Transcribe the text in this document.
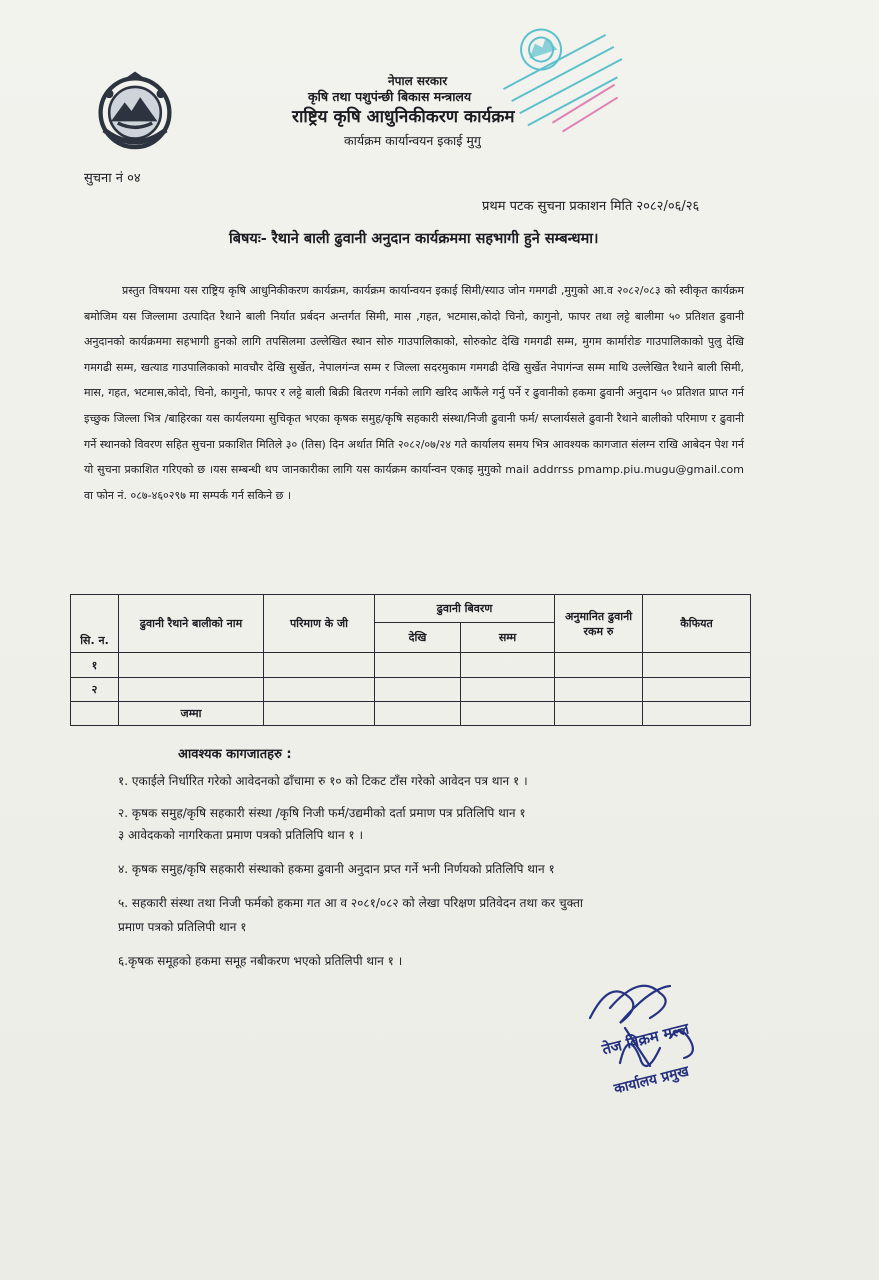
नेपाल सरकार
कृषि तथा पशुपंन्छी बिकास मन्त्रालय
राष्ट्रिय कृषि आधुनिकीकरण कार्यक्रम
कार्यक्रम कार्यान्वयन इकाई मुगु
सुचना नं ०४
प्रथम पटक सुचना प्रकाशन मिति २०८२/०६/२६
बिषयः- रैथाने बाली ढुवानी अनुदान कार्यक्रममा सहभागी हुने सम्बन्धमा।

प्रस्तुत विषयमा यस राष्ट्रिय कृषि आधुनिकीकरण कार्यक्रम, कार्यक्रम कार्यान्वयन इकाई सिमी/स्याउ जोन गमगढी ,मुगुको आ.व २०८२/०८३ को स्वीकृत कार्यक्रम बमोजिम यस जिल्लामा उत्पादित रैथाने बाली निर्यात प्रर्बदन अन्तर्गत सिमी, मास ,गहत, भटमास,कोदो चिनो, कागुनो, फापर तथा लट्टे बालीमा ५० प्रतिशत ढुवानी अनुदानको कार्यक्रममा सहभागी हुनको लागि तपसिलमा उल्लेखित स्थान सोरु गाउपालिकाको, सोरुकोट देखि गमगढी सम्म, मुगम कार्मारोङ गाउपालिकाको पुलु देखि गमगढी सम्म, खत्याड गाउपालिकाको मावचौर देखि सुर्खेत, नेपालगंन्ज सम्म र जिल्ला सदरमुकाम गमगढी देखि सुर्खेत नेपागंन्ज सम्म माथि उल्लेखित रैथाने बाली सिमी, मास, गहत, भटमास,कोदो, चिनो, कागुनो, फापर र लट्टे बाली बिक्री बितरण गर्नको लागि खरिद आफैंले गर्नु पर्ने र ढुवानीको हकमा ढुवानी अनुदान ५० प्रतिशत प्राप्त गर्न इच्छुक जिल्ला भित्र /बाहिरका यस कार्यलयमा सुचिकृत भएका कृषक समुह/कृषि सहकारी संस्था/निजी ढुवानी फर्म/ सप्लार्यसले ढुवानी रैथाने बालीको परिमाण र ढुवानी गर्ने स्थानको विवरण सहित सुचना प्रकाशित मितिले ३० (तिस) दिन अर्थात मिति २०८२/०७/२४ गते कार्यालय समय भित्र आवश्यक कागजात संलग्न राखि आबेदन पेश गर्न यो सुचना प्रकाशित गरिएको छ ।यस सम्बन्धी थप जानकारीका लागि यस कार्यक्रम कार्यान्वन एकाइ मुगुको mail addrrss pmamp.piu.mugu@gmail.com वा फोन नं. ०८७-४६०२९७ मा सम्पर्क गर्न सकिने छ ।

सि. न.	ढुवानी रैथाने बालीको नाम	परिमाण के जी	ढुवानी बिवरण		अनुमानित ढुवानी रकम रु	कैफियत
			देखि	सम्म		
१						
२						
	जम्मा					
आवश्यक कागजातहरु :
१. एकाईले निर्धारित गरेको आवेदनको ढाँचामा रु १० को टिकट टाँस गरेको आवेदन पत्र थान १ ।
२. कृषक समुह/कृषि सहकारी संस्था /कृषि निजी फर्म/उद्यमीको दर्ता प्रमाण पत्र प्रतिलिपि थान १
३ आवेदकको नागरिकता प्रमाण पत्रको प्रतिलिपि थान १ ।
४. कृषक समुह/कृषि सहकारी संस्थाको हकमा ढुवानी अनुदान प्रप्त गर्ने भनी निर्णयको प्रतिलिपि थान १
५. सहकारी संस्था तथा निजी फर्मको हकमा गत आ व २०८१/०८२ को लेखा परिक्षण प्रतिवेदन तथा कर चुक्ता
प्रमाण पत्रको प्रतिलिपी थान १
६.कृषक समूहको हकमा समूह नबीकरण भएको प्रतिलिपी थान १ ।
तेज विक्रम मल्ल
कार्यालय प्रमुख
